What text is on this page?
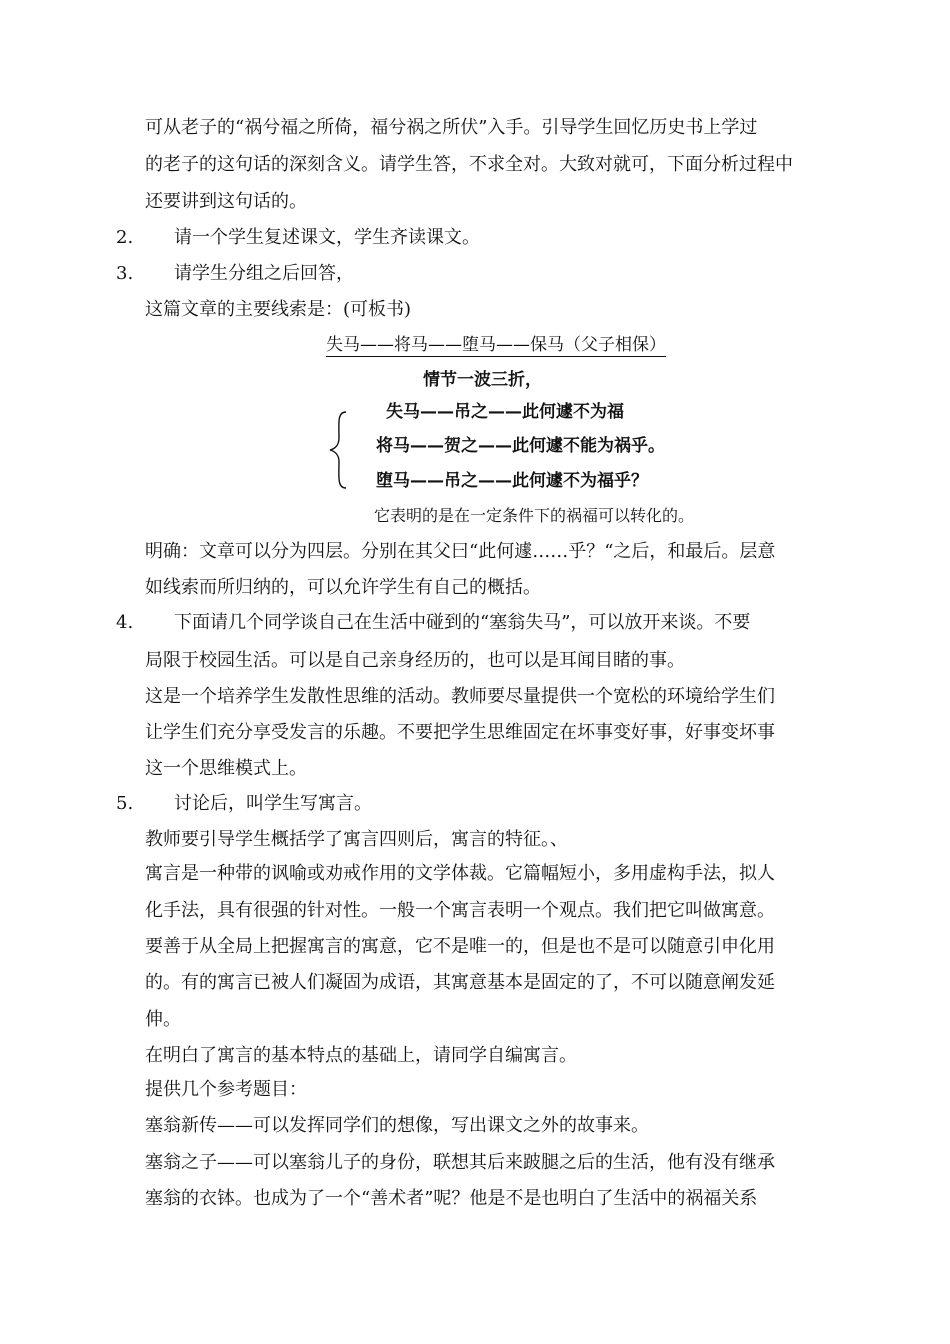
可从老子的“祸兮福之所倚，福兮祸之所伏”入手。引导学生回忆历史书上学过
的老子的这句话的深刻含义。请学生答，不求全对。大致对就可，下面分析过程中
还要讲到这句话的。
2. 请一个学生复述课文，学生齐读课文。
3. 请学生分组之后回答，
这篇文章的主要线索是：(可板书)
失马——将马——堕马——保马（父子相保）
情节一波三折，
失马——吊之——此何遽不为福
将马——贺之——此何遽不能为祸乎。
堕马——吊之——此何遽不为福乎？
它表明的是在一定条件下的祸福可以转化的。
明确：文章可以分为四层。分别在其父曰“此何遽……乎？“之后，和最后。层意
如线索而所归纳的，可以允许学生有自己的概括。
4. 下面请几个同学谈自己在生活中碰到的“塞翁失马”，可以放开来谈。不要
局限于校园生活。可以是自己亲身经历的，也可以是耳闻目睹的事。
这是一个培养学生发散性思维的活动。教师要尽量提供一个宽松的环境给学生们
让学生们充分享受发言的乐趣。不要把学生思维固定在坏事变好事，好事变坏事
这一个思维模式上。
5. 讨论后，叫学生写寓言。
教师要引导学生概括学了寓言四则后，寓言的特征。、
寓言是一种带的讽喻或劝戒作用的文学体裁。它篇幅短小，多用虚构手法，拟人
化手法，具有很强的针对性。一般一个寓言表明一个观点。我们把它叫做寓意。
要善于从全局上把握寓言的寓意，它不是唯一的，但是也不是可以随意引申化用
的。有的寓言已被人们凝固为成语，其寓意基本是固定的了，不可以随意阐发延
伸。
在明白了寓言的基本特点的基础上，请同学自编寓言。
提供几个参考题目：
塞翁新传——可以发挥同学们的想像，写出课文之外的故事来。
塞翁之子——可以塞翁儿子的身份，联想其后来跛腿之后的生活，他有没有继承
塞翁的衣钵。也成为了一个“善术者”呢？他是不是也明白了生活中的祸福关系
